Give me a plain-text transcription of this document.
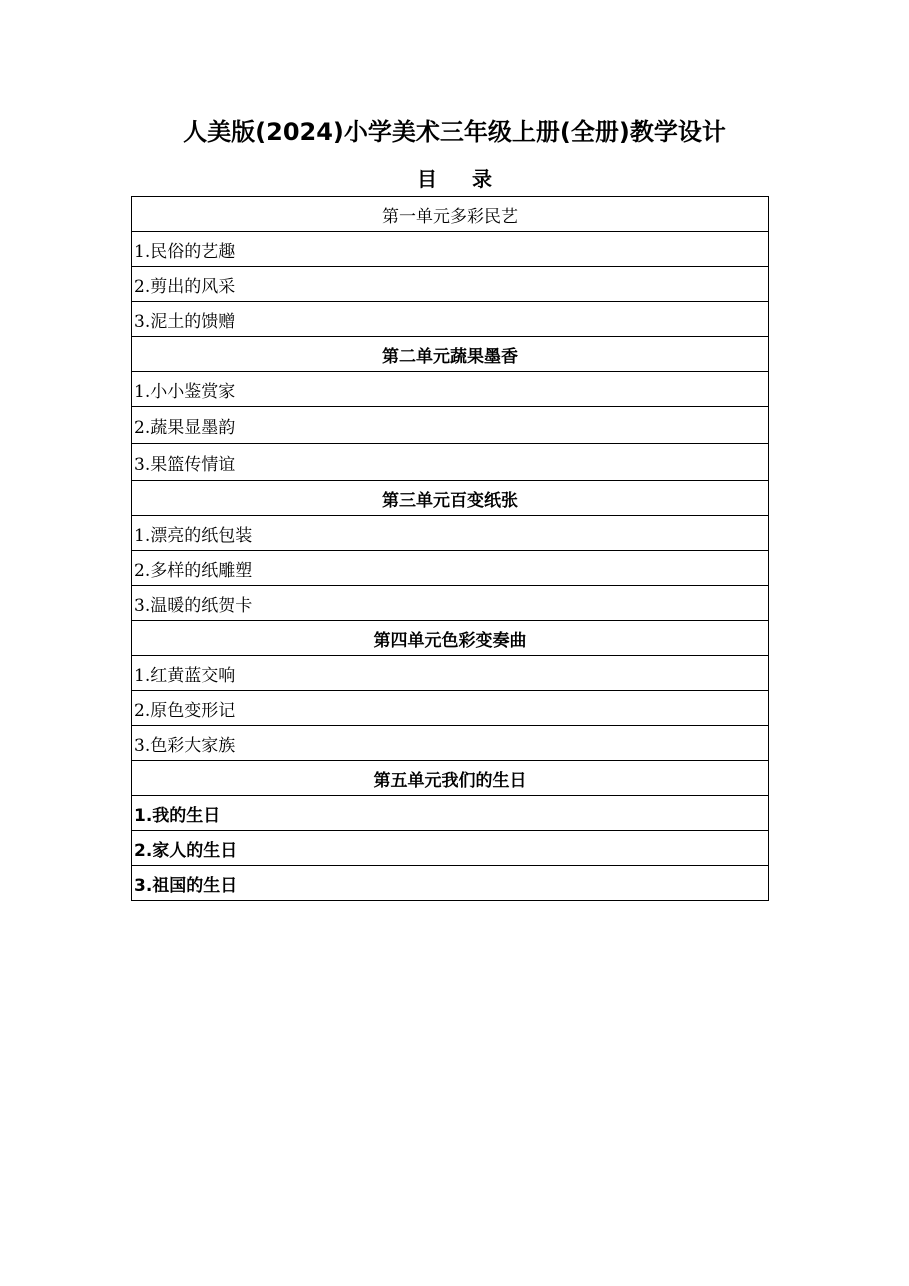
人美版(2024)小学美术三年级上册(全册)教学设计
目 录
第一单元多彩民艺
1.民俗的艺趣
2.剪出的风采
3.泥土的馈赠
第二单元蔬果墨香
1.小小鉴赏家
2.蔬果显墨韵
3.果篮传情谊
第三单元百变纸张
1.漂亮的纸包装
2.多样的纸雕塑
3.温暖的纸贺卡
第四单元色彩变奏曲
1.红黄蓝交响
2.原色变形记
3.色彩大家族
第五单元我们的生日
1.我的生日
2.家人的生日
3.祖国的生日
